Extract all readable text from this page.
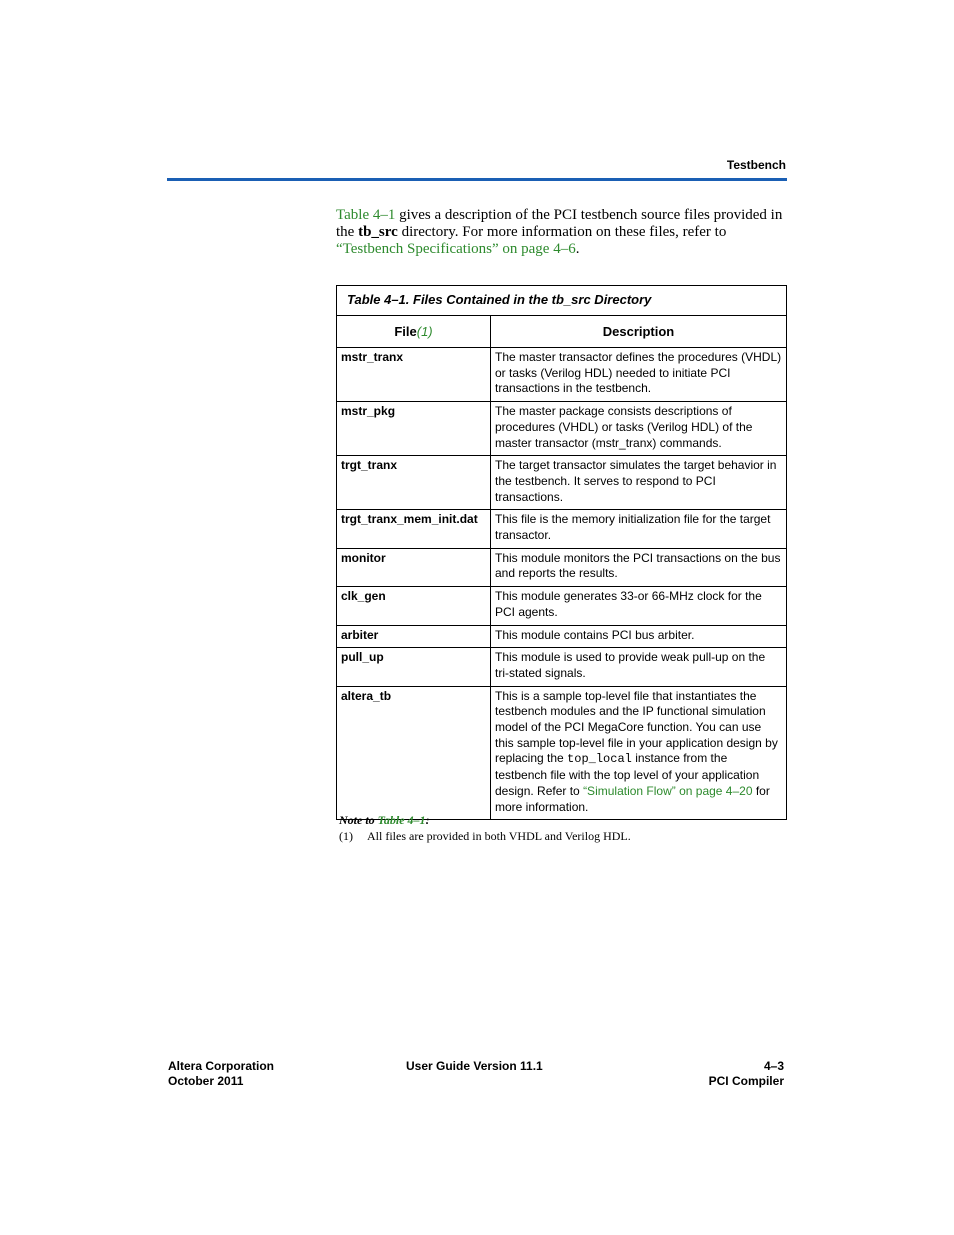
Testbench

Table 4–1 gives a description of the PCI testbench source files provided in the tb_src directory. For more information on these files, refer to “Testbench Specifications” on page 4–6.

Table 4–1. Files Contained in the tb_src Directory	
File(1)	Description
mstr_tranx	The master transactor defines the procedures (VHDL) or tasks (Verilog HDL) needed to initiate PCI transactions in the testbench.
mstr_pkg	The master package consists descriptions of procedures (VHDL) or tasks (Verilog HDL) of the master transactor (mstr_tranx) commands.
trgt_tranx	The target transactor simulates the target behavior in the testbench. It serves to respond to PCI transactions.
trgt_tranx_mem_init.dat	This file is the memory initialization file for the target transactor.
monitor	This module monitors the PCI transactions on the bus and reports the results.
clk_gen	This module generates 33-or 66-MHz clock for the PCI agents.
arbiter	This module contains PCI bus arbiter.
pull_up	This module is used to provide weak pull-up on the tri-stated signals.
altera_tb	This is a sample top-level file that instantiates the testbench modules and the IP functional simulation model of the PCI MegaCore function. You can use this sample top-level file in your application design by replacing the top_local instance from the testbench file with the top level of your application design. Refer to “Simulation Flow” on page 4–20 for more information.
Note to Table 4–1:
(1) All files are provided in both VHDL and Verilog HDL.
Altera Corporation
October 2011
User Guide Version 11.1	4–3
PCI Compiler
